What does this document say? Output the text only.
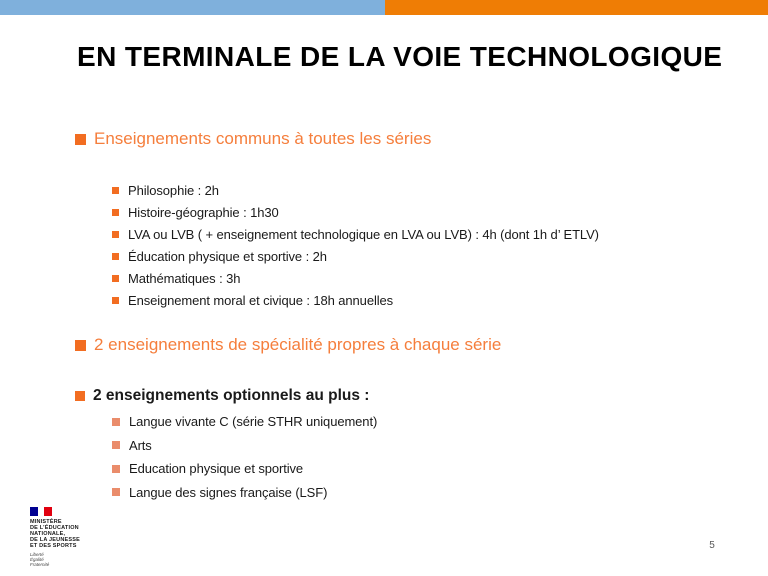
EN TERMINALE DE LA VOIE TECHNOLOGIQUE
Enseignements communs à toutes les séries
Philosophie : 2h
Histoire-géographie : 1h30
LVA ou LVB ( + enseignement technologique en LVA ou LVB) : 4h (dont 1h d’ ETLV)
Éducation physique et sportive : 2h
Mathématiques : 3h
Enseignement moral et civique : 18h annuelles
2 enseignements de spécialité propres à chaque série
2 enseignements optionnels au plus :
Langue vivante C (série STHR uniquement)
Arts
Education physique et sportive
Langue des signes française (LSF)
MINISTÈRE
DE L’ÉDUCATION
NATIONALE,
DE LA JEUNESSE
ET DES SPORTS
Liberté
Égalité
Fraternité
5
